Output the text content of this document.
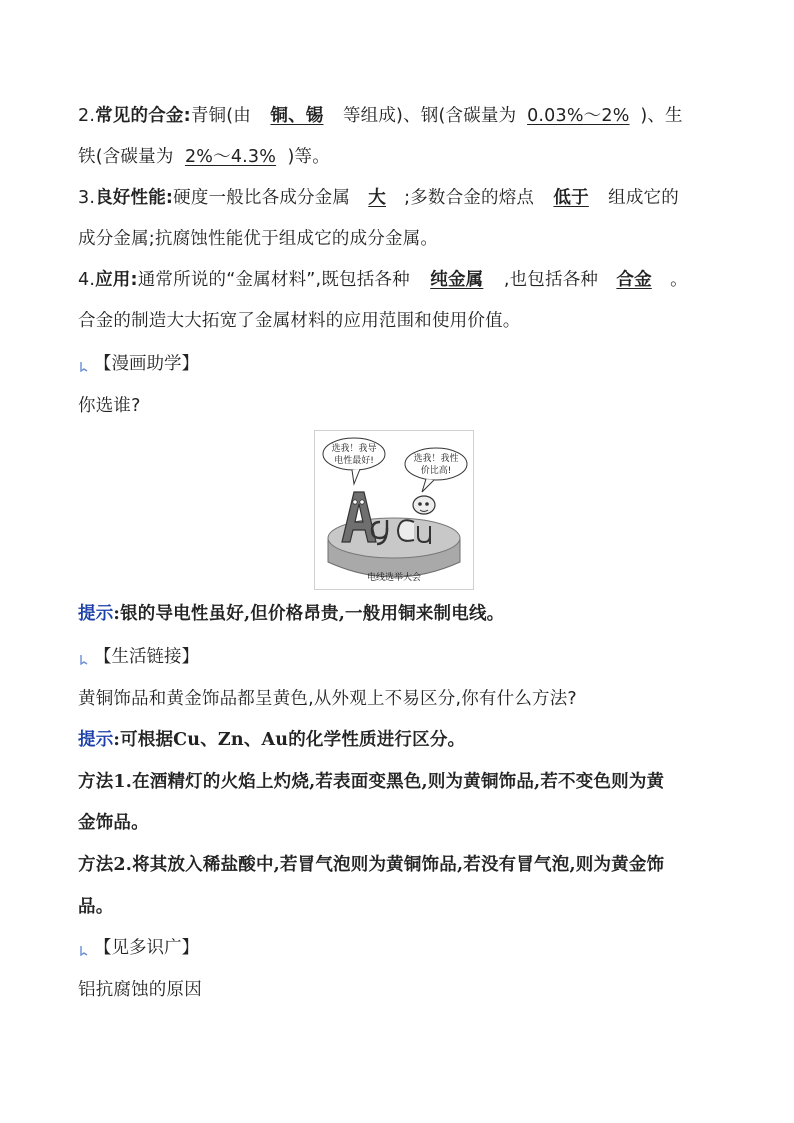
2.常见的合金:青铜(由 铜、锡 等组成)、钢(含碳量为 0.03%～2% )、生
铁(含碳量为 2%～4.3% )等。
3.良好性能:硬度一般比各成分金属 大 ;多数合金的熔点 低于 组成它的
成分金属;抗腐蚀性能优于组成它的成分金属。
4.应用:通常所说的“金属材料”,既包括各种 纯金属 ,也包括各种 合金 。
合金的制造大大拓宽了金属材料的应用范围和使用价值。
【漫画助学】
你选谁?
选我！我导
电性最好!	选我！我性
价比高!
电线选举大会
提示:银的导电性虽好,但价格昂贵,一般用铜来制电线。
【生活链接】
黄铜饰品和黄金饰品都呈黄色,从外观上不易区分,你有什么方法?
提示:可根据Cu、Zn、Au的化学性质进行区分。
方法1.在酒精灯的火焰上灼烧,若表面变黑色,则为黄铜饰品,若不变色则为黄
金饰品。
方法2.将其放入稀盐酸中,若冒气泡则为黄铜饰品,若没有冒气泡,则为黄金饰
品。
【见多识广】
铝抗腐蚀的原因
